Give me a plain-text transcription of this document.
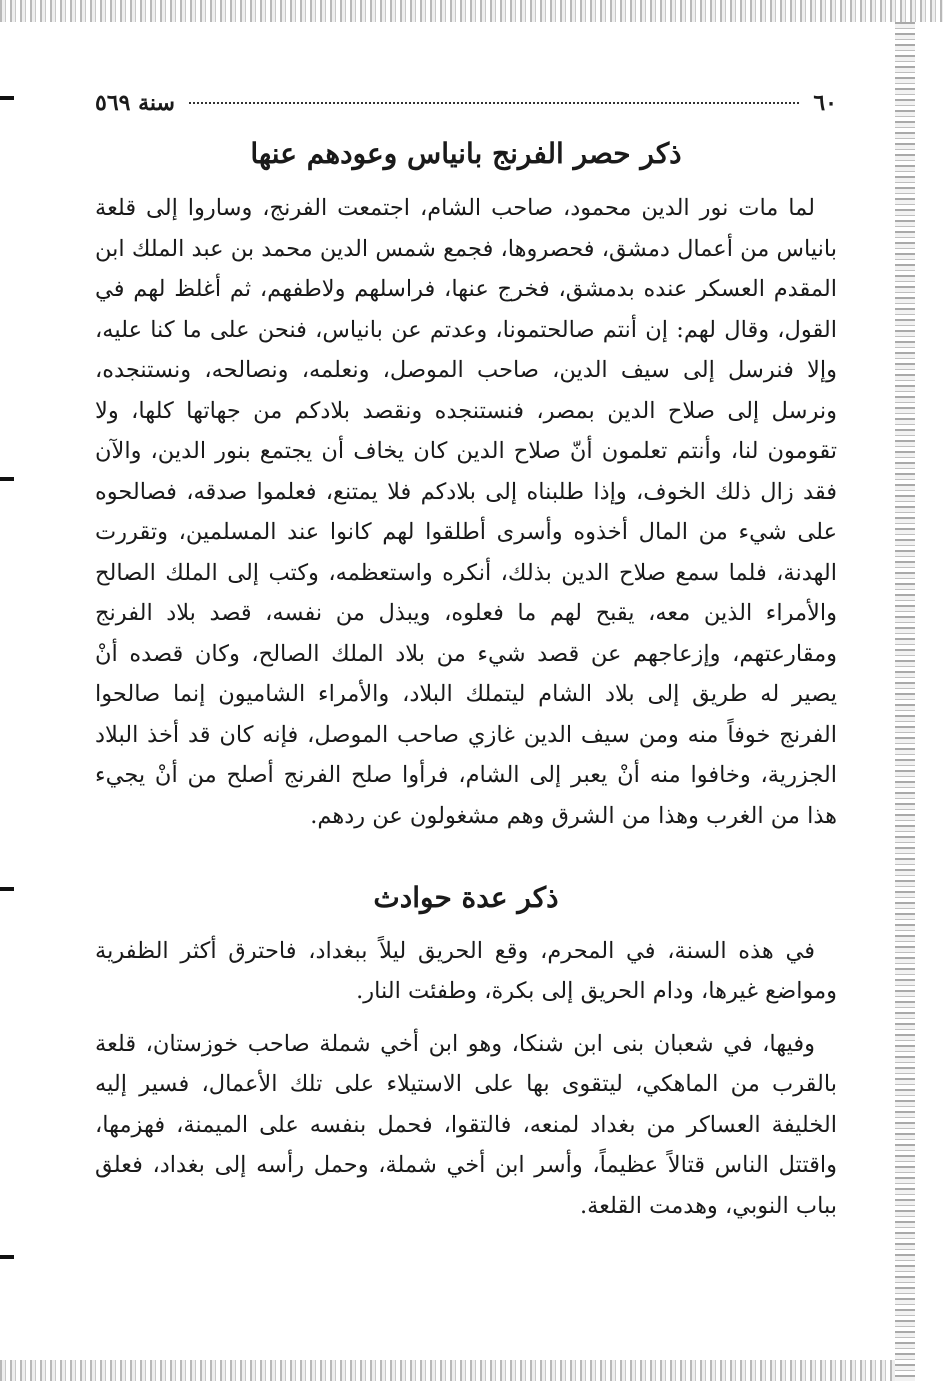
٦٠
سنة ٥٦٩
ذكر حصر الفرنج بانياس وعودهم عنها

لما مات نور الدين محمود، صاحب الشام، اجتمعت الفرنج، وساروا إلى قلعة بانياس من أعمال دمشق، فحصروها، فجمع شمس الدين محمد بن عبد الملك ابن المقدم العسكر عنده بدمشق، فخرج عنها، فراسلهم ولاطفهم، ثم أغلظ لهم في القول، وقال لهم: إن أنتم صالحتمونا، وعدتم عن بانياس، فنحن على ما كنا عليه، وإلا فنرسل إلى سيف الدين، صاحب الموصل، ونعلمه، ونصالحه، ونستنجده، ونرسل إلى صلاح الدين بمصر، فنستنجده ونقصد بلادكم من جهاتها كلها، ولا تقومون لنا، وأنتم تعلمون أنّ صلاح الدين كان يخاف أن يجتمع بنور الدين، والآن فقد زال ذلك الخوف، وإذا طلبناه إلى بلادكم فلا يمتنع، فعلموا صدقه، فصالحوه على شيء من المال أخذوه وأسرى أطلقوا لهم كانوا عند المسلمين، وتقررت الهدنة، فلما سمع صلاح الدين بذلك، أنكره واستعظمه، وكتب إلى الملك الصالح والأمراء الذين معه، يقبح لهم ما فعلوه، ويبذل من نفسه، قصد بلاد الفرنج ومقارعتهم، وإزعاجهم عن قصد شيء من بلاد الملك الصالح، وكان قصده أنْ يصير له طريق إلى بلاد الشام ليتملك البلاد، والأمراء الشاميون إنما صالحوا الفرنج خوفاً منه ومن سيف الدين غازي صاحب الموصل، فإنه كان قد أخذ البلاد الجزرية، وخافوا منه أنْ يعبر إلى الشام، فرأوا صلح الفرنج أصلح من أنْ يجيء هذا من الغرب وهذا من الشرق وهم مشغولون عن ردهم.

ذكر عدة حوادث

في هذه السنة، في المحرم، وقع الحريق ليلاً ببغداد، فاحترق أكثر الظفرية ومواضع غيرها، ودام الحريق إلى بكرة، وطفئت النار.

وفيها، في شعبان بنى ابن شنكا، وهو ابن أخي شملة صاحب خوزستان، قلعة بالقرب من الماهكي، ليتقوى بها على الاستيلاء على تلك الأعمال، فسير إليه الخليفة العساكر من بغداد لمنعه، فالتقوا، فحمل بنفسه على الميمنة، فهزمها، واقتتل الناس قتالاً عظيماً، وأسر ابن أخي شملة، وحمل رأسه إلى بغداد، فعلق بباب النوبي، وهدمت القلعة.
